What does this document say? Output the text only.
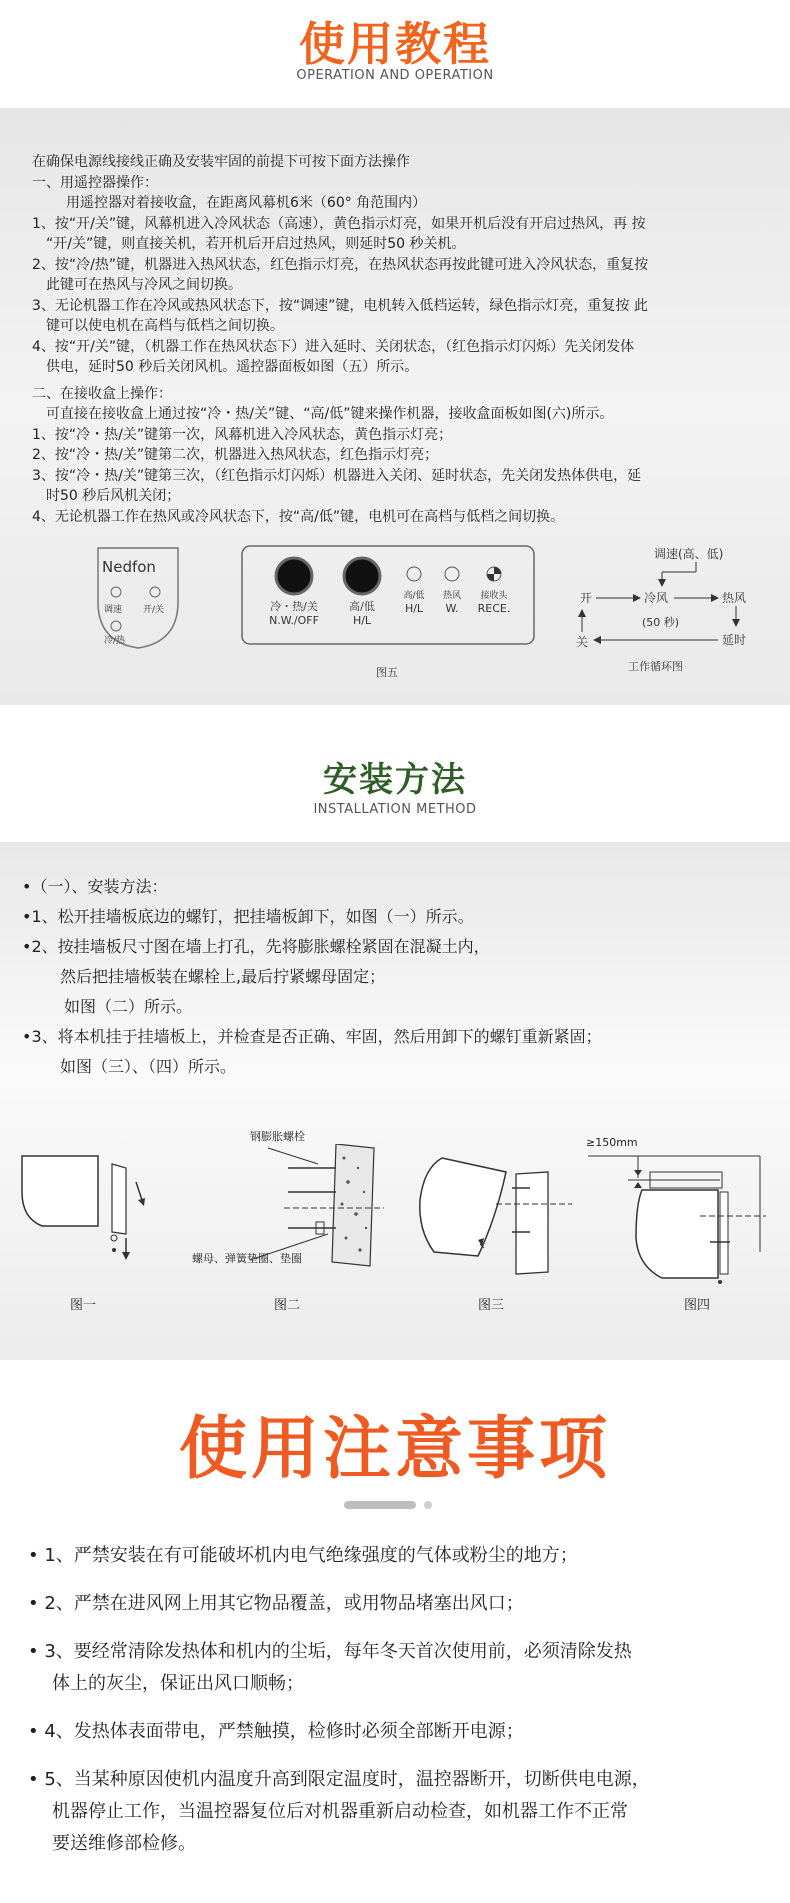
使用教程
OPERATION AND OPERATION
在确保电源线接线正确及安装牢固的前提下可按下面方法操作
一、用遥控器操作：
用遥控器对着接收盒，在距离风幕机6米（60° 角范围内）
1、按“开/关”键，风幕机进入冷风状态（高速），黄色指示灯亮，如果开机后没有开启过热风，再 按
“开/关”键，则直接关机，若开机后开启过热风，则延时50 秒关机。
2、按“冷/热”键，机器进入热风状态，红色指示灯亮，在热风状态再按此键可进入冷风状态，重复按
此键可在热风与冷风之间切换。
3、无论机器工作在冷风或热风状态下，按“调速”键，电机转入低档运转，绿色指示灯亮，重复按 此
键可以使电机在高档与低档之间切换。
4、按“开/关”键，（机器工作在热风状态下）进入延时、关闭状态，（红色指示灯闪烁）先关闭发体
供电，延时50 秒后关闭风机。遥控器面板如图（五）所示。
二、在接收盒上操作：
可直接在接收盒上通过按“冷・热/关”键、“高/低”键来操作机器，接收盒面板如图(六)所示。
1、按“冷・热/关”键第一次，风幕机进入冷风状态，黄色指示灯亮；
2、按“冷・热/关”键第二次，机器进入热风状态，红色指示灯亮；
3、按“冷・热/关”键第三次，（红色指示灯闪烁）机器进入关闭、延时状态，先关闭发热体供电，延
时50 秒后风机关闭；
4、无论机器工作在热风或冷风状态下，按“高/低”键，电机可在高档与低档之间切换。
Nedfon
调速 开/关
冷/热
冷・热/关
N.W./OFF
高/低
H/L
高/低
H/L
热风
W.
接收头
RECE.
图五
调速(高、低)
开	冷风	热风
(50 秒)
关	延时
工作循环图
安装方法
INSTALLATION METHOD
•（一）、安装方法：
•1、松开挂墙板底边的螺钉，把挂墙板卸下，如图（一）所示。
•2、按挂墙板尺寸图在墙上打孔，先将膨胀螺栓紧固在混凝土内，
然后把挂墙板装在螺栓上,最后拧紧螺母固定；
如图（二）所示。
•3、将本机挂于挂墙板上，并检查是否正确、牢固，然后用卸下的螺钉重新紧固；
如图（三）、（四）所示。
图一
钢膨胀螺栓
螺母、弹簧垫圈、垫圈
图二	图三
≥150mm
图四
使用注意事项
• 1、严禁安装在有可能破坏机内电气绝缘强度的气体或粉尘的地方；
• 2、严禁在进风网上用其它物品覆盖，或用物品堵塞出风口；
• 3、要经常清除发热体和机内的尘垢，每年冬天首次使用前，必须清除发热
体上的灰尘，保证出风口顺畅；
• 4、发热体表面带电，严禁触摸，检修时必须全部断开电源；
• 5、当某种原因使机内温度升高到限定温度时，温控器断开，切断供电电源，
机器停止工作，当温控器复位后对机器重新启动检查，如机器工作不正常
要送维修部检修。
